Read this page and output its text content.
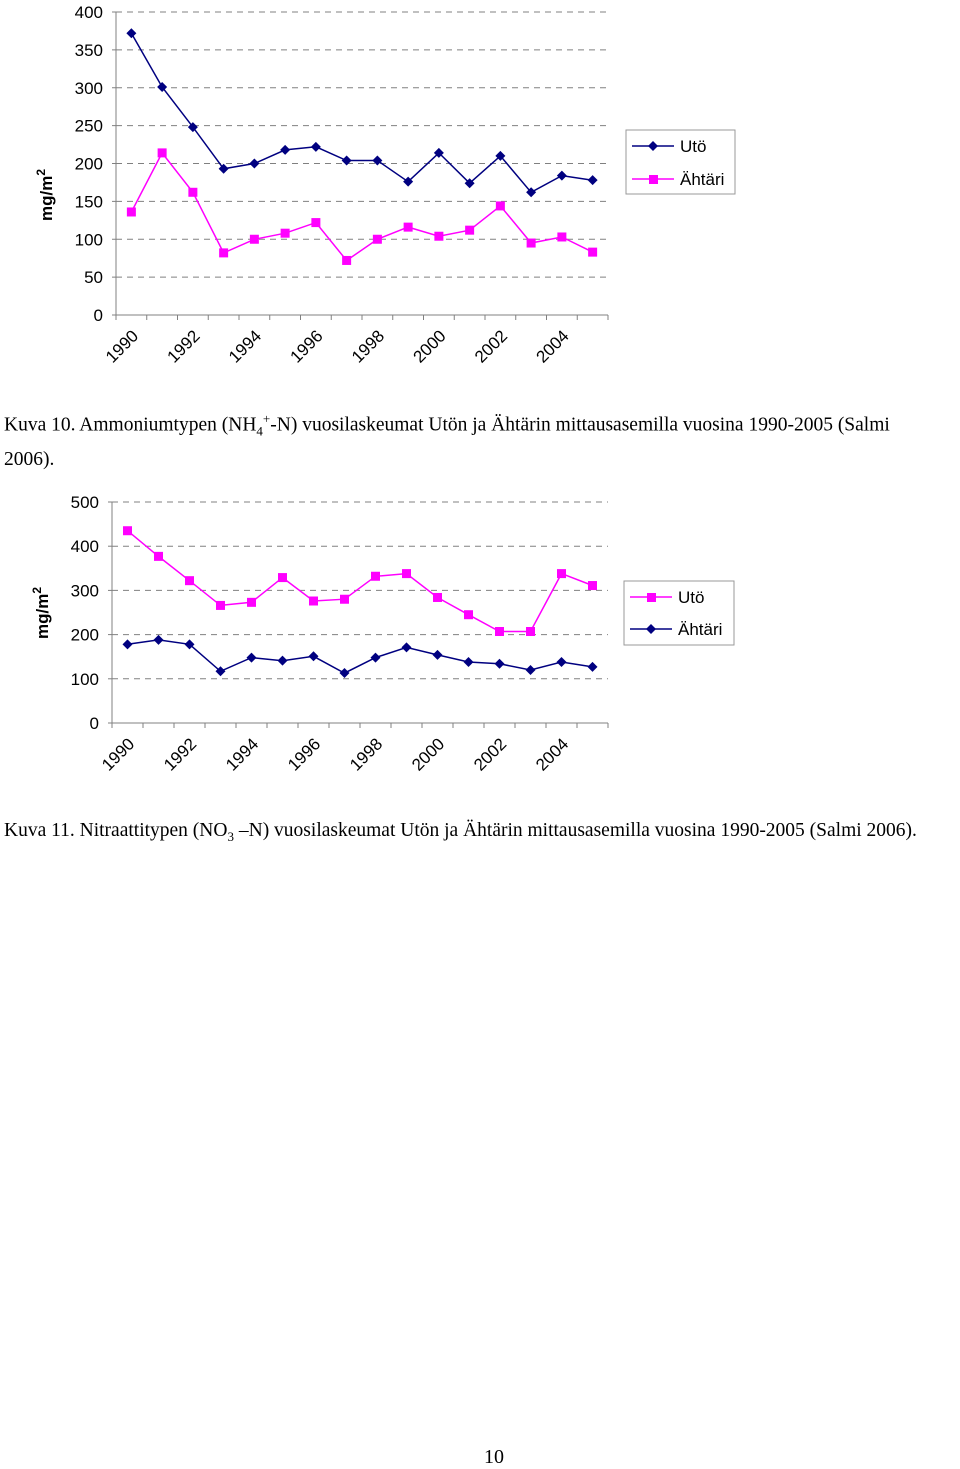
0
50
100
150
200
250
300
350
400
1990 1992 1994 1996 1998 2000 2002 2004
$mg/m^2$
Utö
Ähtäri

Kuva 10. Ammoniumtypen $(NH_4^+-N)$ vuosilaskeumat Utön ja Ähtärin mittausasemilla vuosina 1990-2005 (Salmi 2006).

0
100
200
300
400
500
1990 1992 1994 1996 1998 2000 2002 2004
$mg/m^2$	Utö
Ähtäri

Kuva 11. Nitraattitypen ($NO_3$ –N) vuosilaskeumat Utön ja Ähtärin mittausasemilla vuosina 1990-2005 (Salmi 2006).

10
